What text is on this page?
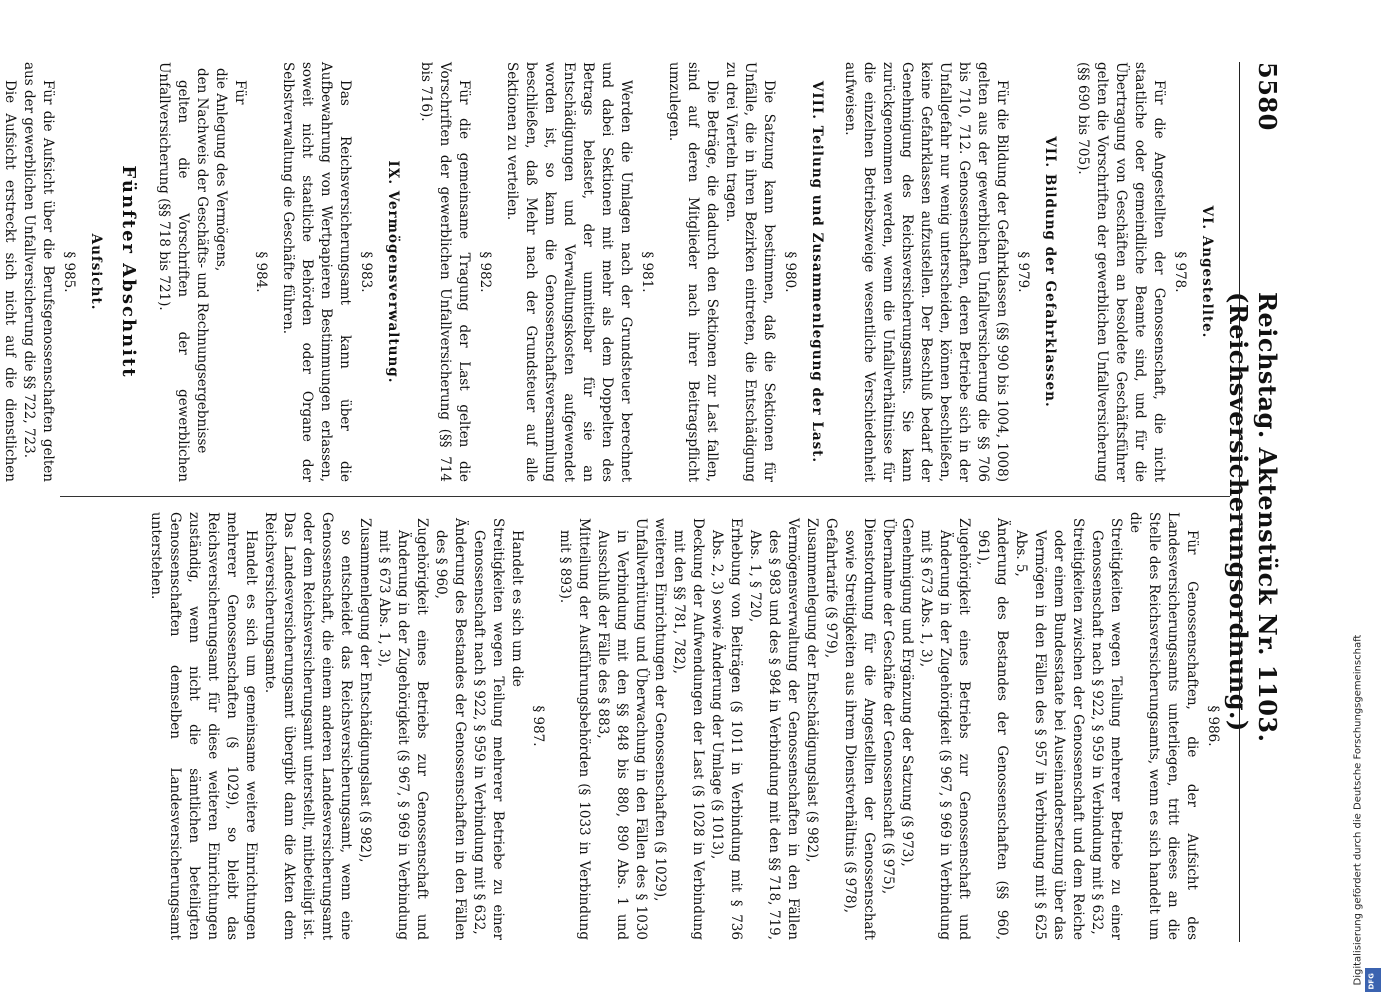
5580
Reichstag. Aktenstück Nr. 1103. (Reichsversicherungsordnung.)
VI. Angestellte.
§ 978.

Für die Angestellten der Genossenschaft, die nicht staatliche oder gemeindliche Beamte sind, und für die Übertragung von Geschäften an besoldete Geschäftsführer gelten die Vorschriften der gewerblichen Unfallversicherung (§§ 690 bis 705).

VII. Bildung der Gefahrklassen.
§ 979.

Für die Bildung der Gefahrklassen (§§ 990 bis 1004, 1008) gelten aus der gewerblichen Unfallversicherung die §§ 706 bis 710, 712. Genossenschaften, deren Betriebe sich in der Unfallgefahr nur wenig unterscheiden, können beschließen, keine Gefahrklassen aufzustellen. Der Beschluß bedarf der Genehmigung des Reichsversicherungsamts. Sie kann zurückgenommen werden, wenn die Unfallverhältnisse für die einzelnen Betriebszweige wesentliche Verschiedenheit aufweisen.

VIII. Teilung und Zusammenlegung der Last.
§ 980.

Die Satzung kann bestimmen, daß die Sektionen für Unfälle, die in ihren Bezirken eintreten, die Entschädigung zu drei Vierteln tragen.

Die Beträge, die dadurch den Sektionen zur Last fallen, sind auf deren Mitglieder nach ihrer Beitragspflicht umzulegen.

§ 981.

Werden die Umlagen nach der Grundsteuer berechnet und dabei Sektionen mit mehr als dem Doppelten des Betrags belastet, der unmittelbar für sie an Entschädigungen und Verwaltungskosten aufgewendet worden ist, so kann die Genossenschaftsversammlung beschließen, daß Mehr nach der Grundsteuer auf alle Sektionen zu verteilen.

§ 982.

Für die gemeinsame Tragung der Last gelten die Vorschriften der gewerblichen Unfallversicherung (§§ 714 bis 716).

IX. Vermögensverwaltung.
§ 983.

Das Reichsversicherungsamt kann über die Aufbewahrung von Wertpapieren Bestimmungen erlassen, soweit nicht staatliche Behörden oder Organe der Selbstverwaltung die Geschäfte führen.

§ 984.

Für

die Anlegung des Vermögens,
den Nachweis der Geschäfts- und Rechnungsergebnisse

gelten die Vorschriften der gewerblichen Unfallversicherung (§§ 718 bis 721).

Fünfter Abschnitt
Aufsicht.
§ 985.

Für die Aufsicht über die Berufsgenossenschaften gelten aus der gewerblichen Unfallversicherung die §§ 722, 723.

Die Aufsicht erstreckt sich nicht auf die dienstlichen

§ 986.

Für Genossenschaften, die der Aufsicht des Landesversicherungsamts unterliegen, tritt dieses an die Stelle des Reichsversicherungsamts, wenn es sich handelt um die

Streitigkeiten wegen Teilung mehrerer Betriebe zu einer Genossenschaft nach § 922, § 959 in Verbindung mit § 632,
Streitigkeiten zwischen der Genossenschaft und dem Reiche oder einem Bundesstaate bei Auseinandersetzung über das Vermögen in den Fällen des § 957 in Verbindung mit § 625 Abs. 5,
Änderung des Bestandes der Genossenschaften (§§ 960, 961),
Zugehörigkeit eines Betriebs zur Genossenschaft und Änderung in der Zugehörigkeit (§ 967, § 969 in Verbindung mit § 673 Abs. 1, 3),
Genehmigung und Ergänzung der Satzung (§ 973),
Übernahme der Geschäfte der Genossenschaft (§ 975),
Dienstordnung für die Angestellten der Genossenschaft sowie Streitigkeiten aus ihrem Dienstverhältnis (§ 978),
Gefahrtarife (§ 979),
Zusammenlegung der Entschädigungslast (§ 982),
Vermögensverwaltung der Genossenschaften in den Fällen des § 983 und des § 984 in Verbindung mit den §§ 718, 719, Abs. 1, § 720,
Erhebung von Beiträgen (§ 1011 in Verbindung mit § 736 Abs. 2, 3) sowie Änderung der Umlage (§ 1013),
Deckung der Aufwendungen der Last (§ 1028 in Verbindung mit den §§ 781, 782),
weiteren Einrichtungen der Genossenschaften (§ 1029),
Unfallverhütung und Überwachung in den Fällen des § 1030 in Verbindung mit den §§ 848 bis 880, 890 Abs. 1 und Ausschluß der Fälle des § 883,
Mitteilung der Ausführungsbehörden (§ 1033 in Verbindung mit § 893).
§ 987.

Handelt es sich um die

Streitigkeiten wegen Teilung mehrerer Betriebe zu einer Genossenschaft nach § 922, § 959 in Verbindung mit § 632,
Änderung des Bestandes der Genossenschaften in den Fällen des § 960,
Zugehörigkeit eines Betriebs zur Genossenschaft und Änderung in der Zugehörigkeit (§ 967, § 969 in Verbindung mit § 673 Abs. 1, 3),
Zusammenlegung der Entschädigungslast (§ 982),

so entscheidet das Reichsversicherungsamt, wenn eine Genossenschaft, die einem anderen Landesversicherungsamt oder dem Reichsversicherungsamt unterstellt, mitbeteiligt ist. Das Landesversicherungsamt übergibt dann die Akten dem Reichsversicherungsamte.

Handelt es sich um gemeinsame weitere Einrichtungen mehrerer Genossenschaften (§ 1029), so bleibt das Reichsversicherungsamt für diese weiteren Einrichtungen zuständig, wenn nicht die sämtlichen beteiligten Genossenschaften demselben Landesversicherungsamt unterstehen.

Digitalisierung gefördert durch die Deutsche Forschungsgemeinschaft DFG
